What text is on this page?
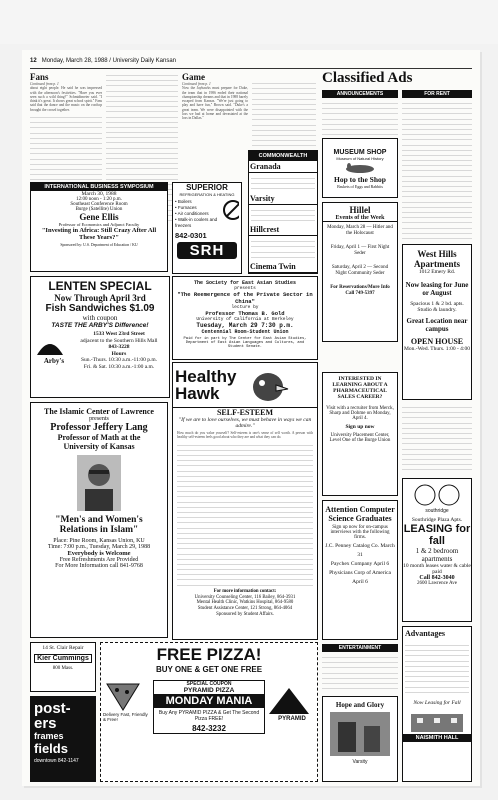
12 Monday, March 28, 1988 / University Daily Kansan
Fans
Continued from p. 1
about eight people. He said he was impressed with the afternoon's festivities. "Have you ever seen such a wild thing?" Schmidtmeier said. "I think it's great. It shows great school spirit." Fans said that the dance and the music on the rooftop brought the crowd together.
Game
Continued from p. 1
Now the Jayhawks must prepare for Duke, the team that in 1986 ended their national championship dreams and that in 1988 barely escaped from Kansas. "We're just going to play and have fun," Brown said. "Duke's a great team. We were disappointed with the loss we had at home and devastated at the loss in Dallas."
Classified Ads
ANNOUNCEMENTS	FOR RENT
MUSEUM SHOP
Museum of Natural History
Hop to the Shop
Baskets of Eggs and Rabbits
INTERNATIONAL BUSINESS SYMPOSIUM
March 30, 1988
12:00 noon - 1:20 p.m.
Southeast Conference Room
Burge (Satellite) Union
Gene Ellis
Professor of Economics and Adjunct Faculty
"Investing in Africa: Still Crazy After All These Years?"
Sponsored by: U.S. Department of Education / KU
SUPERIOR
REFRIGERATION & HEATING
• Boilers
• Furnaces
• Air conditioners
• Walk-in coolers and freezers
842-0301
SRH
COMMONWEALTH
Granada
Varsity
Hillcrest
Cinema Twin
Hillel
Events of the Week
Monday, March 28 — Hitler and the Holocaust
Friday, April 1 — First Night Seder
Saturday, April 2 — Second Night Community Seder
For Reservations/More Info Call 749-5397
LENTEN SPECIAL
Now Through April 3rd
Fish Sandwiches $1.09
with coupon
TASTE THE ARBY'S Difference!
Arby's
1533 West 23rd Street
adjacent to the Southern Hills Mall
843-3228
Hours
Sun.-Thurs. 10:30 a.m.-11:00 p.m.
Fri. & Sat. 10:30 a.m.-1:00 a.m.
The Society for East Asian Studies
presents
"The Reemergence of the Private Sector in China"
lecture by
Professor Thomas B. Gold
University of California at Berkeley
Tuesday, March 29 7:30 p.m.
Centennial Room-Student Union
Paid for in part by The Center for East Asian Studies, Department of East Asian Languages and Cultures, and Student Senate.
Healthy
Hawk
SELF-ESTEEM
"If we are to love ourselves, we must behave in ways we can admire."
How much do you value yourself? Self-esteem is one's sense of self worth. A person with healthy self-esteem feels good about who they are and what they can do.
For more information contact:
University Counseling Center, 116 Bailey, 864-3931
Mental Health Clinic, Watkins Hospital, 864-9580
Student Assistance Center, 121 Strong, 864-4064
Sponsored by Student Affairs.
INTERESTED IN LEARNING ABOUT A PHARMACEUTICAL SALES CAREER?
Visit with a recruiter from Merck, Sharp and Dohme on Monday, April 4.
Sign up now
University Placement Center, Level One of the Burge Union
West Hills Apartments
1012 Emery Rd.
Now leasing for June or August
Spacious 1 & 2 bd. apts. Studio & laundry.
Great Location near campus
OPEN HOUSE
Mon.-Wed. Thurs. 1:00 - 4:00
The Islamic Center of Lawrence
presents
Professor Jeffery Lang
Professor of Math at the
University of Kansas
"Men's and Women's
Relations in Islam"
Place: Pine Room, Kansas Union, KU
Time: 7:00 p.m., Tuesday, March 29, 1988
Everybody is Welcome
Free Refreshments Are Provided
For More Information call 841-9768
Attention Computer Science Graduates
Sign up now for on-campus interviews with the following firms.
J.C. Penney Catalog Co. March 31
Paychex Company April 6
Physicians Corp of America April 6
southridge
Southridge Plaza Apts.
LEASING for fall
1 & 2 bedroom apartments
10 month leases water & cable paid
Call 842-3040
2600 Lawrence Ave
14 St. Clair Repair
Kier Cummings
800 Mass.
post-
ers
frames
fields
downtown 842-1147
FREE PIZZA!
BUY ONE & GET ONE FREE
Delivery Fast, Friendly & Free!
SPECIAL COUPON
PYRAMID PIZZA
MONDAY MANIA
Buy Any PYRAMID PIZZA & Get The Second Pizza FREE!
842-3232
PYRAMID
ENTERTAINMENT
Hope and Glory
Varsity
Advantages
Now Leasing for Fall
NAISMITH HALL
